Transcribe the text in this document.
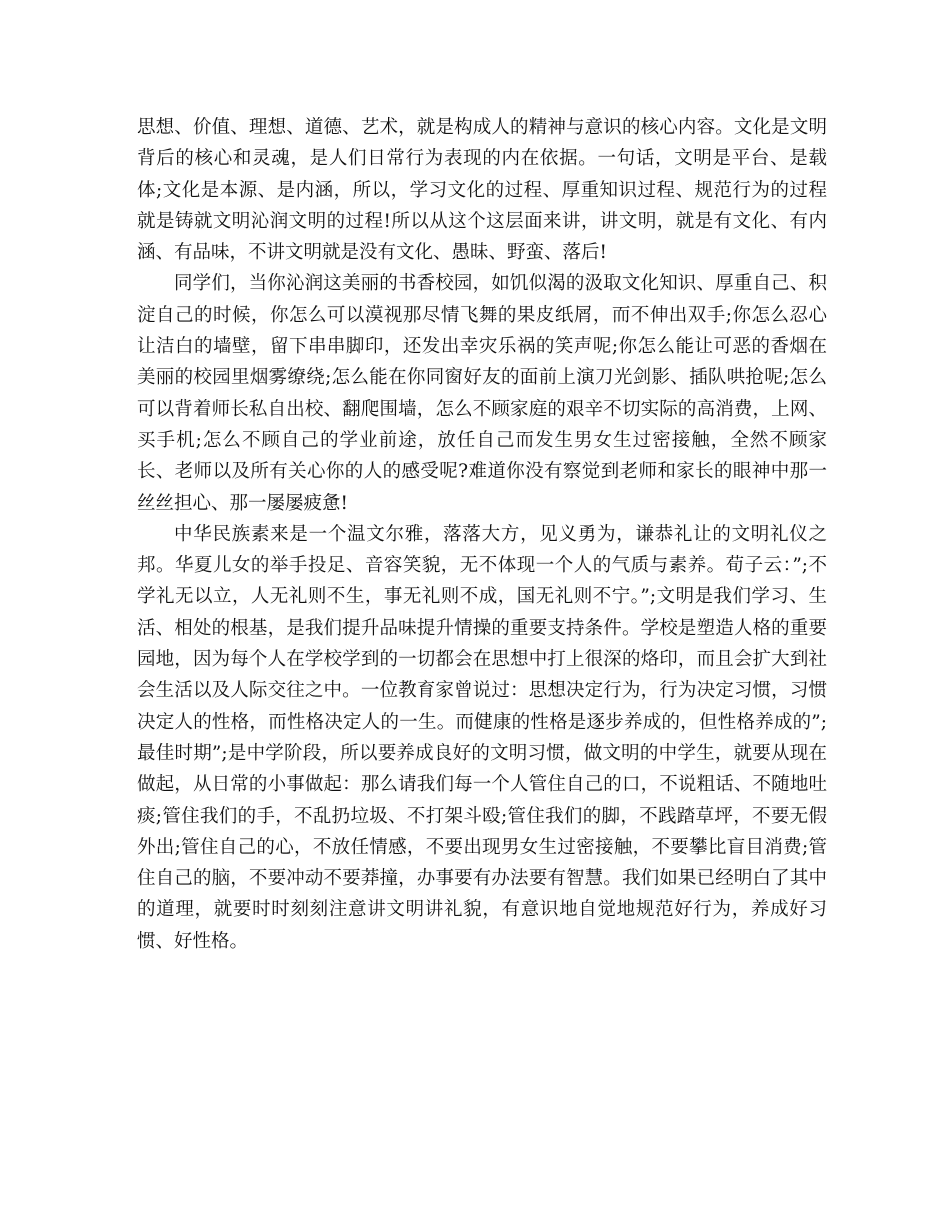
思想、价值、理想、道德、艺术，就是构成人的精神与意识的核心内容。文化是文明背后的核心和灵魂，是人们日常行为表现的内在依据。一句话，文明是平台、是载体;文化是本源、是内涵，所以，学习文化的过程、厚重知识过程、规范行为的过程就是铸就文明沁润文明的过程!所以从这个这层面来讲，讲文明，就是有文化、有内涵、有品味，不讲文明就是没有文化、愚昧、野蛮、落后!

同学们，当你沁润这美丽的书香校园，如饥似渴的汲取文化知识、厚重自己、积淀自己的时候，你怎么可以漠视那尽情飞舞的果皮纸屑，而不伸出双手;你怎么忍心让洁白的墙壁，留下串串脚印，还发出幸灾乐祸的笑声呢;你怎么能让可恶的香烟在美丽的校园里烟雾缭绕;怎么能在你同窗好友的面前上演刀光剑影、插队哄抢呢;怎么可以背着师长私自出校、翻爬围墙，怎么不顾家庭的艰辛不切实际的高消费，上网、买手机;怎么不顾自己的学业前途，放任自己而发生男女生过密接触，全然不顾家长、老师以及所有关心你的人的感受呢?难道你没有察觉到老师和家长的眼神中那一丝丝担心、那一屡屡疲惫!

中华民族素来是一个温文尔雅，落落大方，见义勇为，谦恭礼让的文明礼仪之邦。华夏儿女的举手投足、音容笑貌，无不体现一个人的气质与素养。荀子云：”;不学礼无以立，人无礼则不生，事无礼则不成，国无礼则不宁。”;文明是我们学习、生活、相处的根基，是我们提升品味提升情操的重要支持条件。学校是塑造人格的重要园地，因为每个人在学校学到的一切都会在思想中打上很深的烙印，而且会扩大到社会生活以及人际交往之中。一位教育家曾说过：思想决定行为，行为决定习惯，习惯决定人的性格，而性格决定人的一生。而健康的性格是逐步养成的，但性格养成的”;最佳时期”;是中学阶段，所以要养成良好的文明习惯，做文明的中学生，就要从现在做起，从日常的小事做起：那么请我们每一个人管住自己的口，不说粗话、不随地吐痰;管住我们的手，不乱扔垃圾、不打架斗殴;管住我们的脚，不践踏草坪，不要无假外出;管住自己的心，不放任情感，不要出现男女生过密接触，不要攀比盲目消费;管住自己的脑，不要冲动不要莽撞，办事要有办法要有智慧。我们如果已经明白了其中的道理，就要时时刻刻注意讲文明讲礼貌，有意识地自觉地规范好行为，养成好习惯、好性格。
